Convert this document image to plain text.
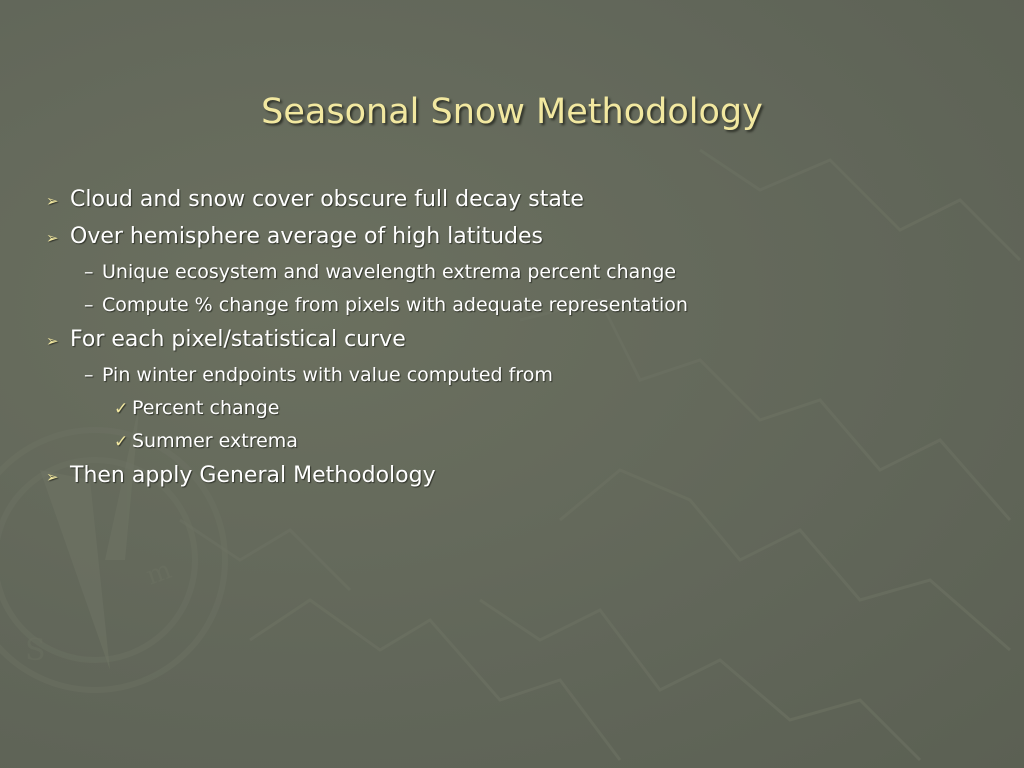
m
S
Seasonal Snow Methodology
➢ Cloud and snow cover obscure full decay state
➢ Over hemisphere average of high latitudes
– Unique ecosystem and wavelength extrema percent change
– Compute % change from pixels with adequate representation
➢ For each pixel/statistical curve
– Pin winter endpoints with value computed from
✓ Percent change
✓ Summer extrema
➢ Then apply General Methodology
